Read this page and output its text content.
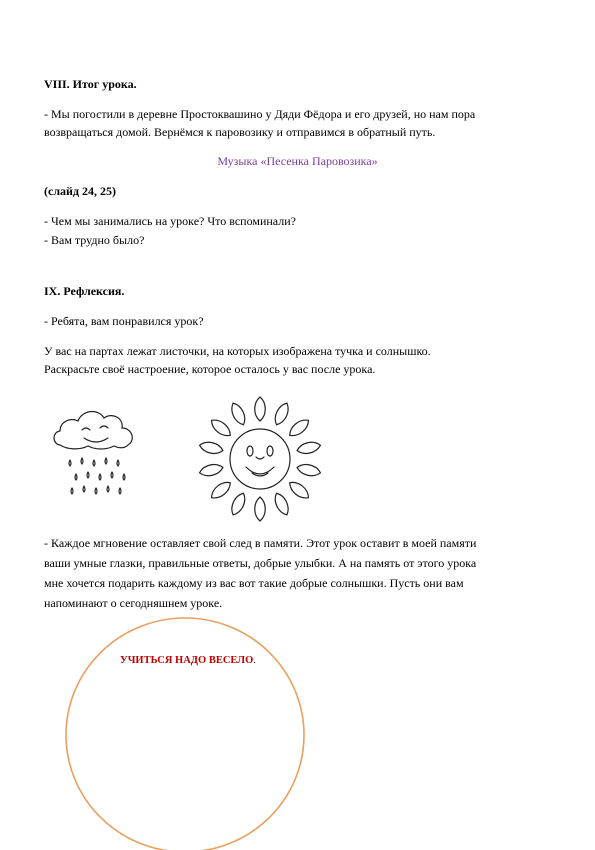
VIII. Итог урока.
- Мы погостили в деревне Простоквашино у Дяди Фёдора и его друзей, но нам пора
возвращаться домой. Вернёмся к паровозику и отправимся в обратный путь.
Музыка «Песенка Паровозика»
(слайд 24, 25)
- Чем мы занимались на уроке? Что вспоминали?
- Вам трудно было?
IX. Рефлексия.
- Ребята, вам понравился урок?
У вас на партах лежат листочки, на которых изображена тучка и солнышко.
Раскрасьте своё настроение, которое осталось у вас после урока.
- Каждое мгновение оставляет свой след в памяти. Этот урок оставит в моей памяти
ваши умные глазки, правильные ответы, добрые улыбки. А на память от этого урока
мне хочется подарить каждому из вас вот такие добрые солнышки. Пусть они вам
напоминают о сегодняшнем уроке.
УЧИТЬСЯ НАДО ВЕСЕЛО.
